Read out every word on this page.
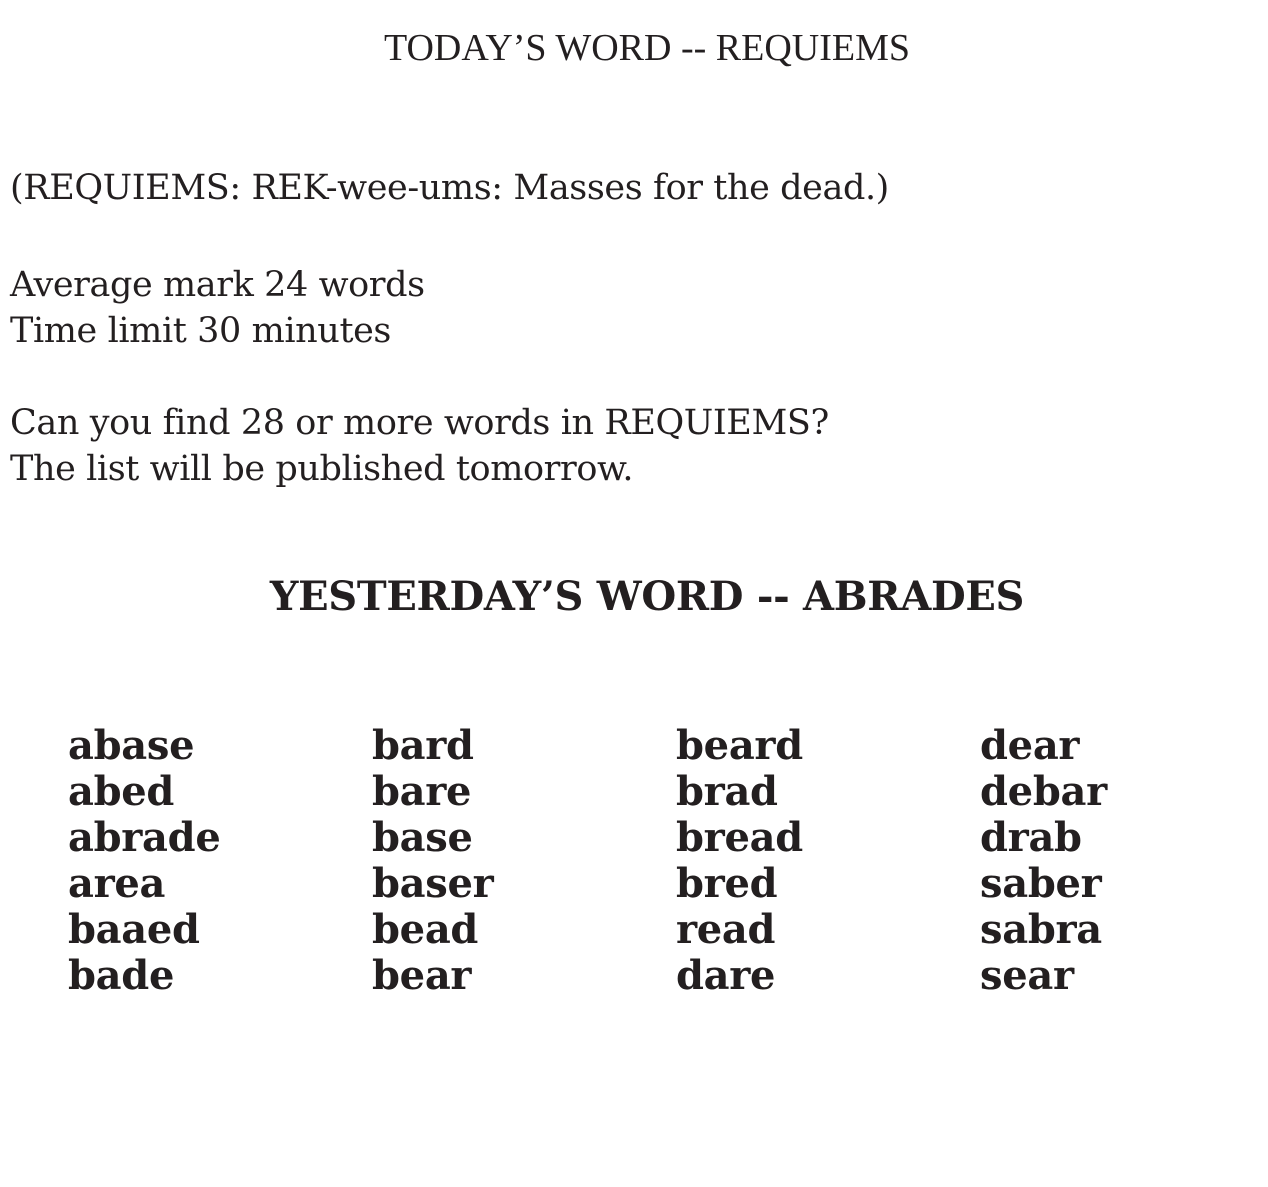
TODAY’S WORD -- REQUIEMS
(REQUIEMS: REK-wee-ums: Masses for the dead.)
Average mark 24 words
Time limit 30 minutes
Can you find 28 or more words in REQUIEMS?
The list will be published tomorrow.
YESTERDAY’S WORD -- ABRADES
abase
abed
abrade
area
baaed
bade
bard
bare
base
baser
bead
bear
beard
brad
bread
bred
read
dare
dear
debar
drab
saber
sabra
sear
